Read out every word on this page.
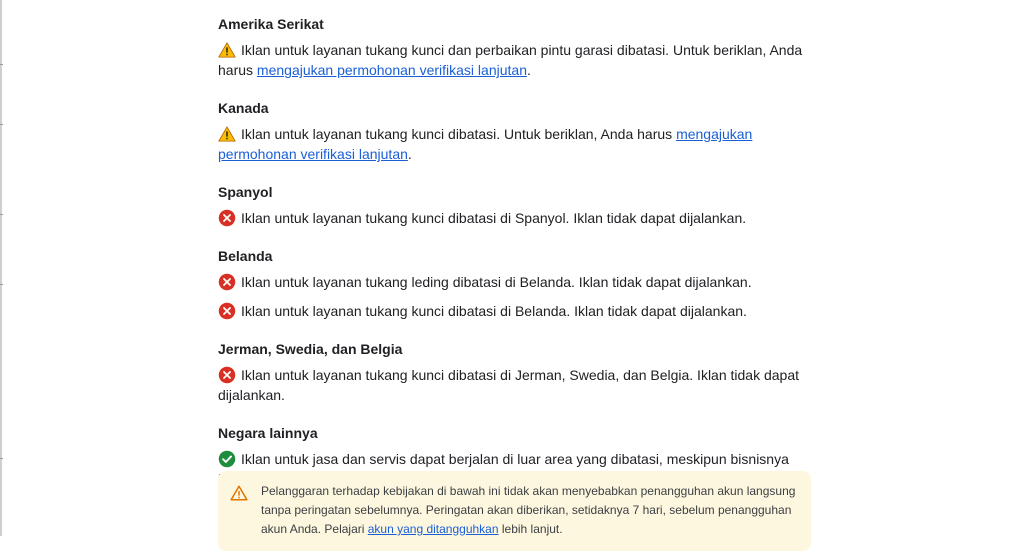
Amerika Serikat
Iklan untuk layanan tukang kunci dan perbaikan pintu garasi dibatasi. Untuk beriklan, Anda harus mengajukan permohonan verifikasi lanjutan.
Kanada
Iklan untuk layanan tukang kunci dibatasi. Untuk beriklan, Anda harus mengajukan permohonan verifikasi lanjutan.
Spanyol
Iklan untuk layanan tukang kunci dibatasi di Spanyol. Iklan tidak dapat dijalankan.
Belanda
Iklan untuk layanan tukang leding dibatasi di Belanda. Iklan tidak dapat dijalankan.
Iklan untuk layanan tukang kunci dibatasi di Belanda. Iklan tidak dapat dijalankan.
Jerman, Swedia, dan Belgia
Iklan untuk layanan tukang kunci dibatasi di Jerman, Swedia, dan Belgia. Iklan tidak dapat dijalankan.
Negara lainnya
Iklan untuk jasa dan servis dapat berjalan di luar area yang dibatasi, meskipun bisnisnya
Pelanggaran terhadap kebijakan di bawah ini tidak akan menyebabkan penangguhan akun langsung tanpa peringatan sebelumnya. Peringatan akan diberikan, setidaknya 7 hari, sebelum penangguhan akun Anda. Pelajari akun yang ditangguhkan lebih lanjut.
